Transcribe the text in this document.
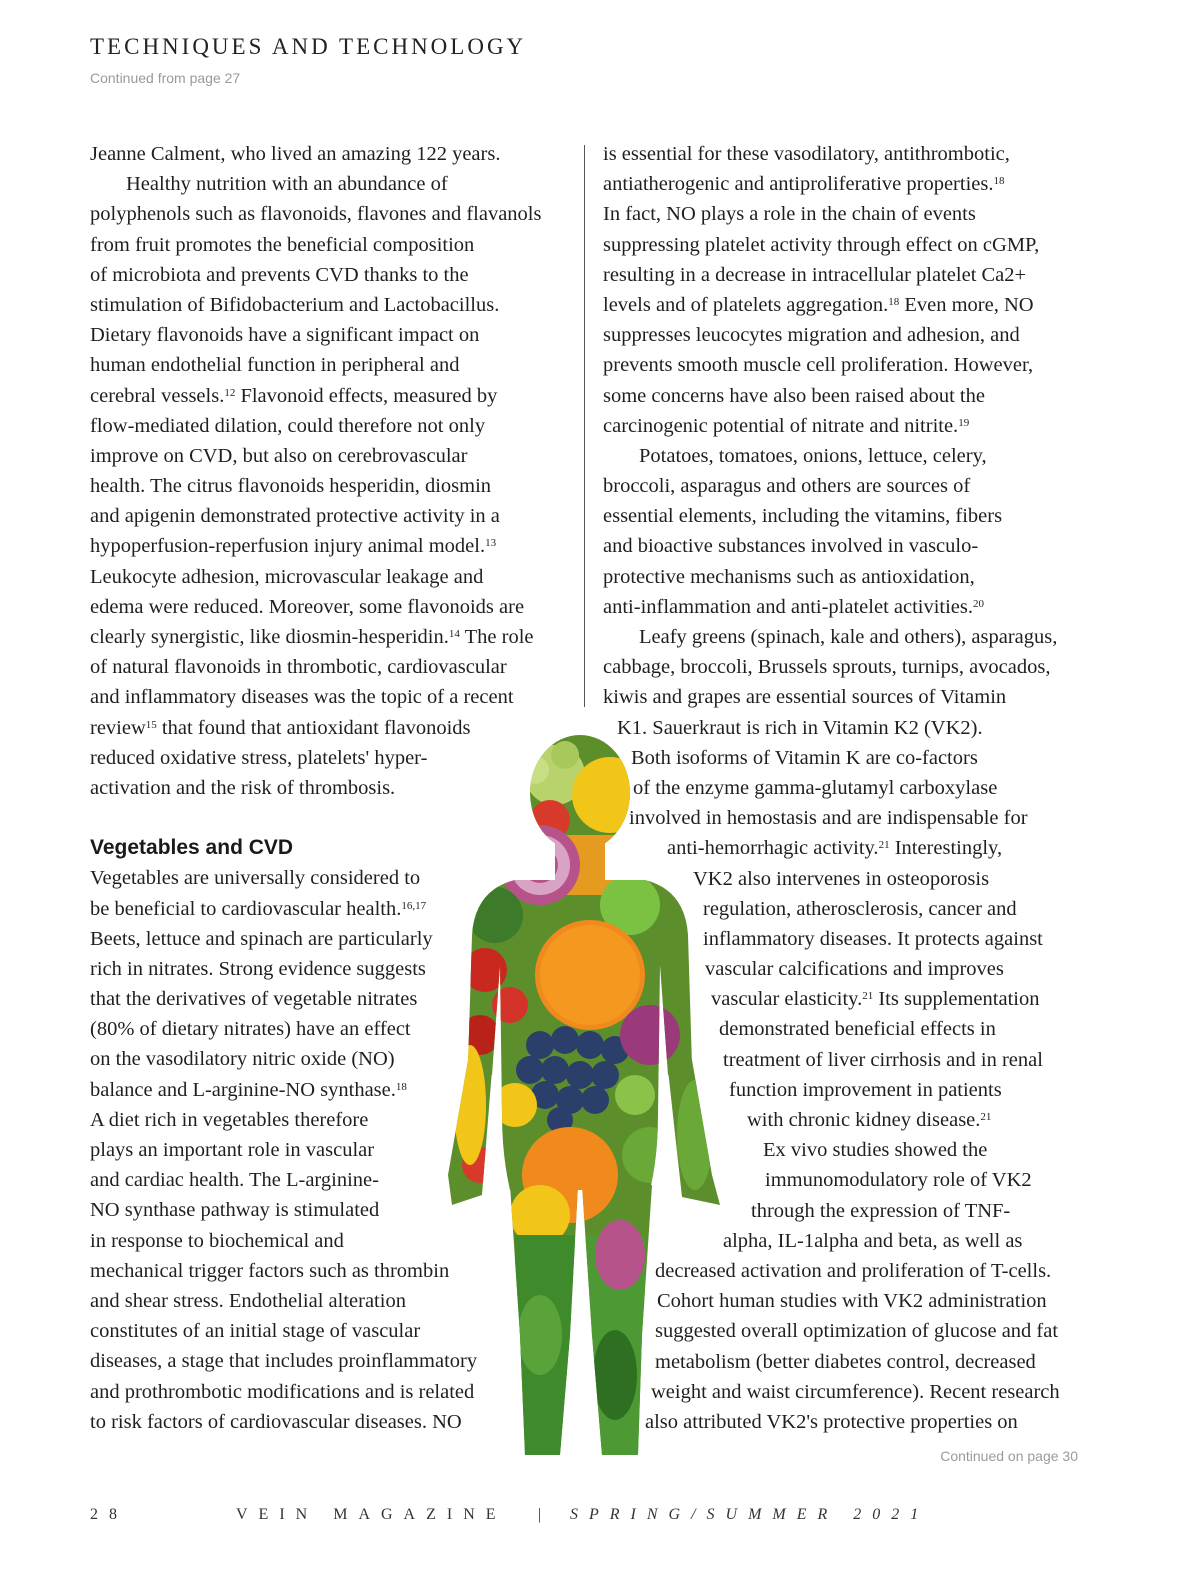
TECHNIQUES AND TECHNOLOGY
Continued from page 27
Jeanne Calment, who lived an amazing 122 years.
Healthy nutrition with an abundance of
polyphenols such as flavonoids, flavones and flavanols
from fruit promotes the beneficial composition
of microbiota and prevents CVD thanks to the
stimulation of Bifidobacterium and Lactobacillus.
Dietary flavonoids have a significant impact on
human endothelial function in peripheral and
cerebral vessels.$^{12}$ Flavonoid effects, measured by
flow-mediated dilation, could therefore not only
improve on CVD, but also on cerebrovascular
health. The citrus flavonoids hesperidin, diosmin
and apigenin demonstrated protective activity in a
hypoperfusion-reperfusion injury animal model.$^{13}$
Leukocyte adhesion, microvascular leakage and
edema were reduced. Moreover, some flavonoids are
clearly synergistic, like diosmin-hesperidin.$^{14}$ The role
of natural flavonoids in thrombotic, cardiovascular
and inflammatory diseases was the topic of a recent
review$^{15}$ that found that antioxidant flavonoids
reduced oxidative stress, platelets' hyper-
activation and the risk of thrombosis.
Vegetables and CVD
Vegetables are universally considered to
be beneficial to cardiovascular health.$^{16,17}$
Beets, lettuce and spinach are particularly
rich in nitrates. Strong evidence suggests
that the derivatives of vegetable nitrates
(80% of dietary nitrates) have an effect
on the vasodilatory nitric oxide (NO)
balance and L-arginine-NO synthase.$^{18}$
A diet rich in vegetables therefore
plays an important role in vascular
and cardiac health. The L-arginine-
NO synthase pathway is stimulated
in response to biochemical and
mechanical trigger factors such as thrombin
and shear stress. Endothelial alteration
constitutes of an initial stage of vascular
diseases, a stage that includes proinflammatory
and prothrombotic modifications and is related
to risk factors of cardiovascular diseases. NO
is essential for these vasodilatory, antithrombotic,
antiatherogenic and antiproliferative properties.$^{18}$
In fact, NO plays a role in the chain of events
suppressing platelet activity through effect on cGMP,
resulting in a decrease in intracellular platelet Ca2+
levels and of platelets aggregation.$^{18}$ Even more, NO
suppresses leucocytes migration and adhesion, and
prevents smooth muscle cell proliferation. However,
some concerns have also been raised about the
carcinogenic potential of nitrate and nitrite.$^{19}$
Potatoes, tomatoes, onions, lettuce, celery,
broccoli, asparagus and others are sources of
essential elements, including the vitamins, fibers
and bioactive substances involved in vasculo-
protective mechanisms such as antioxidation,
anti-inflammation and anti-platelet activities.$^{20}$
Leafy greens (spinach, kale and others), asparagus,
cabbage, broccoli, Brussels sprouts, turnips, avocados,
kiwis and grapes are essential sources of Vitamin
K1. Sauerkraut is rich in Vitamin K2 (VK2).
Both isoforms of Vitamin K are co-factors
of the enzyme gamma-glutamyl carboxylase
involved in hemostasis and are indispensable for
anti-hemorrhagic activity.$^{21}$ Interestingly,
VK2 also intervenes in osteoporosis
regulation, atherosclerosis, cancer and
inflammatory diseases. It protects against
vascular calcifications and improves
vascular elasticity.$^{21}$ Its supplementation
demonstrated beneficial effects in
treatment of liver cirrhosis and in renal
function improvement in patients
with chronic kidney disease.$^{21}$
Ex vivo studies showed the
immunomodulatory role of VK2
through the expression of TNF-
alpha, IL-1alpha and beta, as well as
decreased activation and proliferation of T-cells.
Cohort human studies with VK2 administration
suggested overall optimization of glucose and fat
metabolism (better diabetes control, decreased
weight and waist circumference). Recent research
also attributed VK2's protective properties on
Continued on page 30
28	VEIN MAGAZINE | SPRING/SUMMER 2021
